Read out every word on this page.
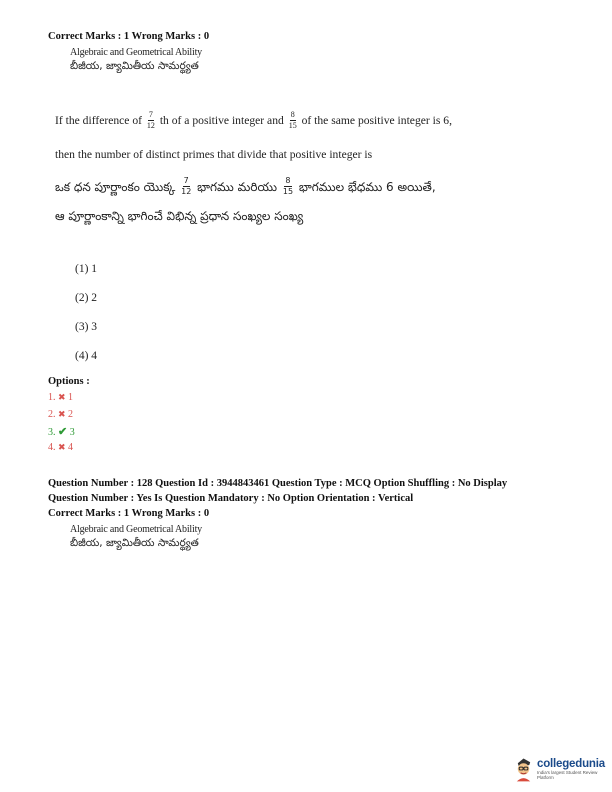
Correct Marks : 1 Wrong Marks : 0
Algebraic and Geometrical Ability
బీజీయ, జ్యామితీయ సామర్థ్యత
If the difference of $\frac{7}{12}$ th of a positive integer and $\frac{8}{15}$ of the same positive integer is 6,
then the number of distinct primes that divide that positive integer is
ఒక ధన పూర్ణాంకం యొక్క $\frac{7}{12}$ భాగము మరియు $\frac{8}{15}$ భాగముల భేధము 6 అయితే,
ఆ పూర్ణాంకాన్ని భాగించే విభిన్న ప్రధాన సంఖ్యల సంఖ్య
(1) 1
(2) 2
(3) 3
(4) 4
Options :
1. ✖ 1
2. ✖ 2
3. ✔ 3
4. ✖ 4
Question Number : 128 Question Id : 3944843461 Question Type : MCQ Option Shuffling : No Display
Question Number : Yes Is Question Mandatory : No Option Orientation : Vertical
Correct Marks : 1 Wrong Marks : 0
Algebraic and Geometrical Ability
బీజీయ, జ్యామితీయ సామర్థ్యత
collegedunia
India's largest Student Review Platform
